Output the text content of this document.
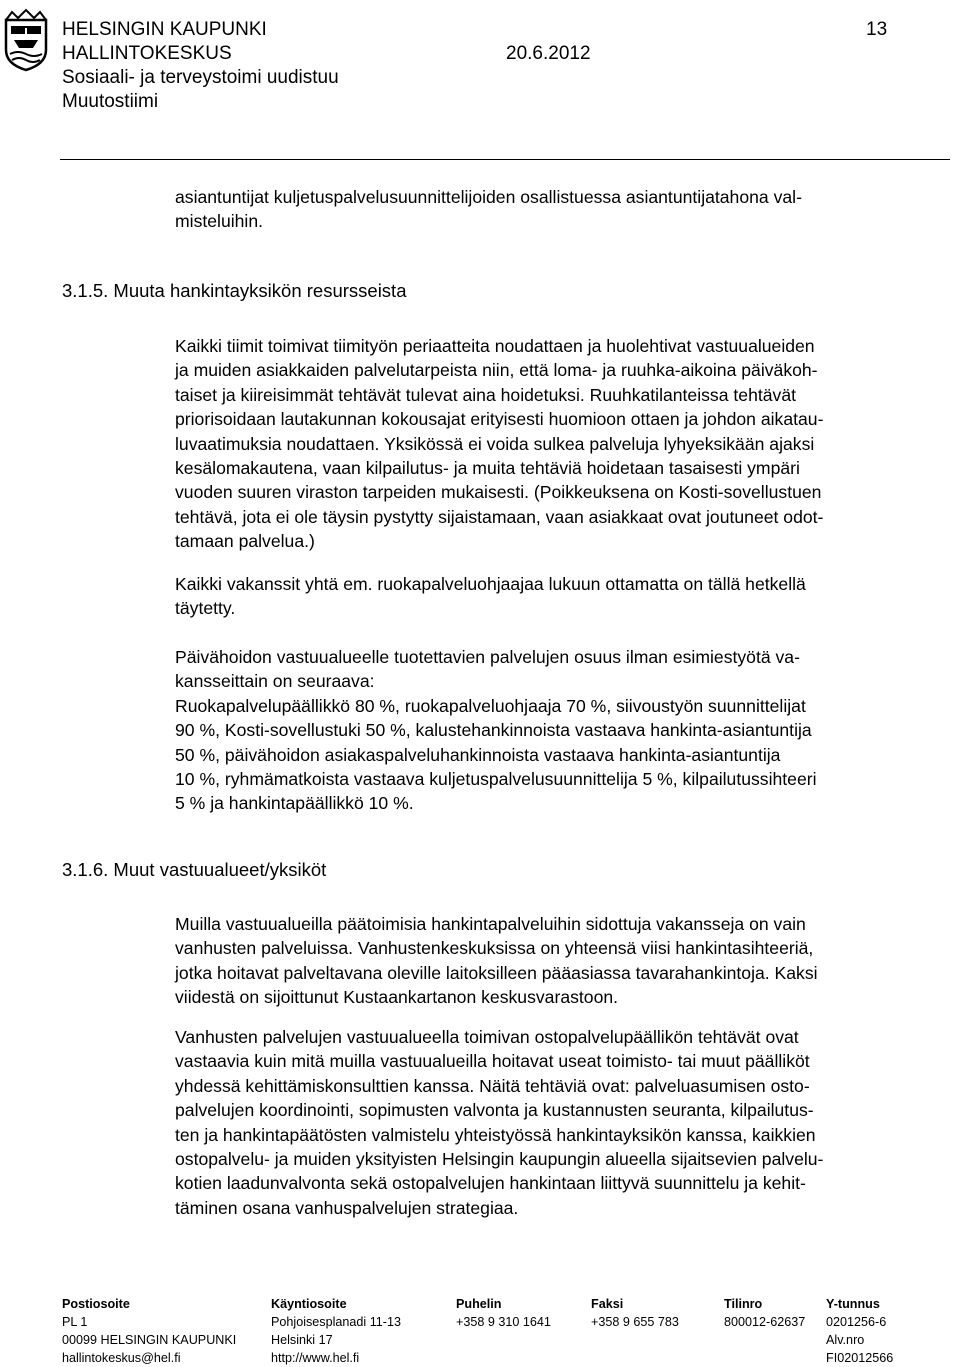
HELSINGIN KAUPUNKI
HALLINTOKESKUS	20.6.2012
Sosiaali- ja terveystoimi uudistuu
Muutostiimi
13
asiantuntijat kuljetuspalvelusuunnittelijoiden osallistuessa asiantuntijatahona val-
misteluihin.
3.1.5. Muuta hankintayksikön resursseista
Kaikki tiimit toimivat tiimityön periaatteita noudattaen ja huolehtivat vastuualueiden
ja muiden asiakkaiden palvelutarpeista niin, että loma- ja ruuhka-aikoina päiväkoh-
taiset ja kiireisimmät tehtävät tulevat aina hoidetuksi. Ruuhkatilanteissa tehtävät
priorisoidaan lautakunnan kokousajat erityisesti huomioon ottaen ja johdon aikatau-
luvaatimuksia noudattaen. Yksikössä ei voida sulkea palveluja lyhyeksikään ajaksi
kesälomakautena, vaan kilpailutus- ja muita tehtäviä hoidetaan tasaisesti ympäri
vuoden suuren viraston tarpeiden mukaisesti. (Poikkeuksena on Kosti-sovellustuen
tehtävä, jota ei ole täysin pystytty sijaistamaan, vaan asiakkaat ovat joutuneet odot-
tamaan palvelua.)
Kaikki vakanssit yhtä em. ruokapalveluohjaajaa lukuun ottamatta on tällä hetkellä
täytetty.
Päivähoidon vastuualueelle tuotettavien palvelujen osuus ilman esimiestyötä va-
kansseittain on seuraava:
Ruokapalvelupäällikkö 80 %, ruokapalveluohjaaja 70 %, siivoustyön suunnittelijat
90 %, Kosti-sovellustuki 50 %, kalustehankinnoista vastaava hankinta-asiantuntija
50 %, päivähoidon asiakaspalveluhankinnoista vastaava hankinta-asiantuntija
10 %, ryhmämatkoista vastaava kuljetuspalvelusuunnittelija 5 %, kilpailutussihteeri
5 % ja hankintapäällikkö 10 %.
3.1.6. Muut vastuualueet/yksiköt
Muilla vastuualueilla päätoimisia hankintapalveluihin sidottuja vakansseja on vain
vanhusten palveluissa. Vanhustenkeskuksissa on yhteensä viisi hankintasihteeriä,
jotka hoitavat palveltavana oleville laitoksilleen pääasiassa tavarahankintoja. Kaksi
viidestä on sijoittunut Kustaankartanon keskusvarastoon.
Vanhusten palvelujen vastuualueella toimivan ostopalvelupäällikön tehtävät ovat
vastaavia kuin mitä muilla vastuualueilla hoitavat useat toimisto- tai muut päälliköt
yhdessä kehittämiskonsulttien kanssa. Näitä tehtäviä ovat: palveluasumisen osto-
palvelujen koordinointi, sopimusten valvonta ja kustannusten seuranta, kilpailutus-
ten ja hankintapäätösten valmistelu yhteistyössä hankintayksikön kanssa, kaikkien
ostopalvelu- ja muiden yksityisten Helsingin kaupungin alueella sijaitsevien palvelu-
kotien laadunvalvonta sekä ostopalvelujen hankintaan liittyvä suunnittelu ja kehit-
täminen osana vanhuspalvelujen strategiaa.
Postiosoite
PL 1
00099 HELSINGIN KAUPUNKI
hallintokeskus@hel.fi
Käyntiosoite
Pohjoisesplanadi 11-13
Helsinki 17
http://www.hel.fi
Puhelin
+358 9 310 1641
Faksi
+358 9 655 783
Tilinro
800012-62637
Y-tunnus
0201256-6
Alv.nro
FI02012566
